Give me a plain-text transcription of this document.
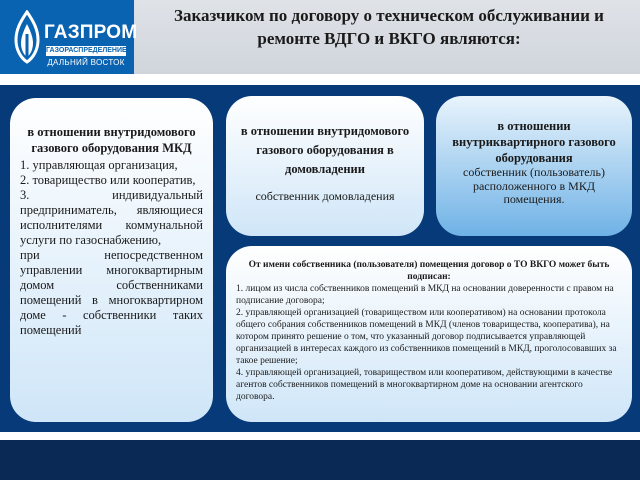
ГАЗПРОМ
ГАЗОРАСПРЕДЕЛЕНИЕ
ДАЛЬНИЙ ВОСТОК
Заказчиком по договору о техническом обслуживании и ремонте ВДГО и ВКГО являются:
в отношении внутридомового газового оборудования МКД
1. управляющая организация,
2. товарищество или кооператив,
3. индивидуальный предприниматель, являющиеся исполнителями коммунальной услуги по газоснабжению,
при непосредственном управлении многоквартирным домом собственниками помещений в многоквартирном доме - собственники таких помещений
в отношении внутридомового газового оборудования в домовладении
собственник домовладения
в отношении внутриквартирного газового оборудования
собственник (пользователь) расположенного в МКД помещения.
От имени собственника (пользователя) помещения договор о ТО ВКГО может быть подписан:
1. лицом из числа собственников помещений в МКД на основании доверенности с правом на подписание договора;
2. управляющей организацией (товариществом или кооперативом) на основании протокола общего собрания собственников помещений в МКД (членов товарищества, кооператива), на котором принято решение о том, что указанный договор подписывается управляющей организацией в интересах каждого из собственников помещений в МКД, проголосовавших за такое решение;
4. управляющей организацией, товариществом или кооперативом, действующими в качестве агентов собственников помещений в многоквартирном доме на основании агентского договора.
